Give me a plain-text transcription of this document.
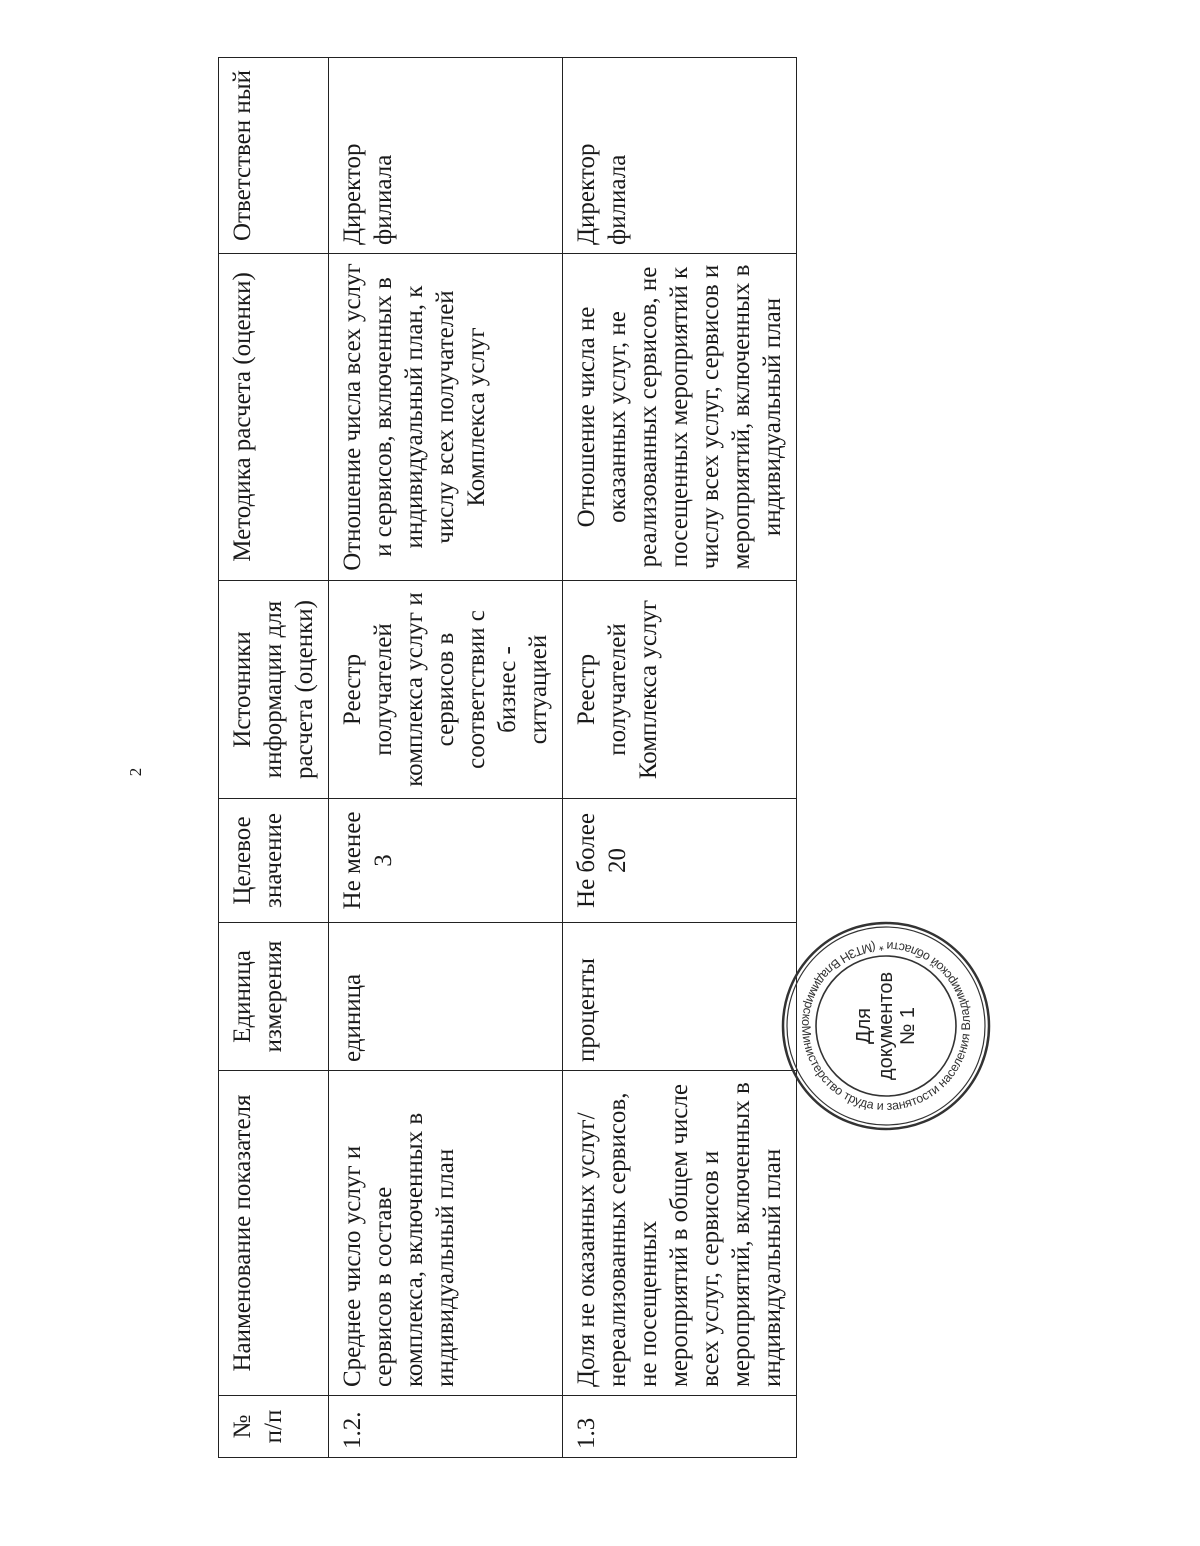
2
№ п/п	Наименование показателя	Единица измерения	Целевое значение	Источники информации для расчета (оценки)	Методика расчета (оценки)	Ответствен ный
1.2.	Среднее число услуг и сервисов в составе комплекса, включенных в индивидуальный план	единица	Не менее 3	Реестр получателей комплекса услуг и сервисов в соответствии с бизнес - ситуацией	Отношение числа всех услуг и сервисов, включенных в индивидуальный план, к числу всех получателей Комплекса услуг	Директор филиала
1.3	Доля не оказанных услуг/ нереализованных сервисов, не посещенных мероприятий в общем числе всех услуг, сервисов и мероприятий, включенных в индивидуальный план	проценты	Не более 20	Реестр получателей Комплекса услуг	Отношение числа не оказанных услуг, не реализованных сервисов, не посещенных мероприятий к числу всех услуг, сервисов и мероприятий, включенных в индивидуальный план	Директор филиала
Министерство труда и занятости населения Владимирской области * (МТЗН Владимирско	Для документов № 1
